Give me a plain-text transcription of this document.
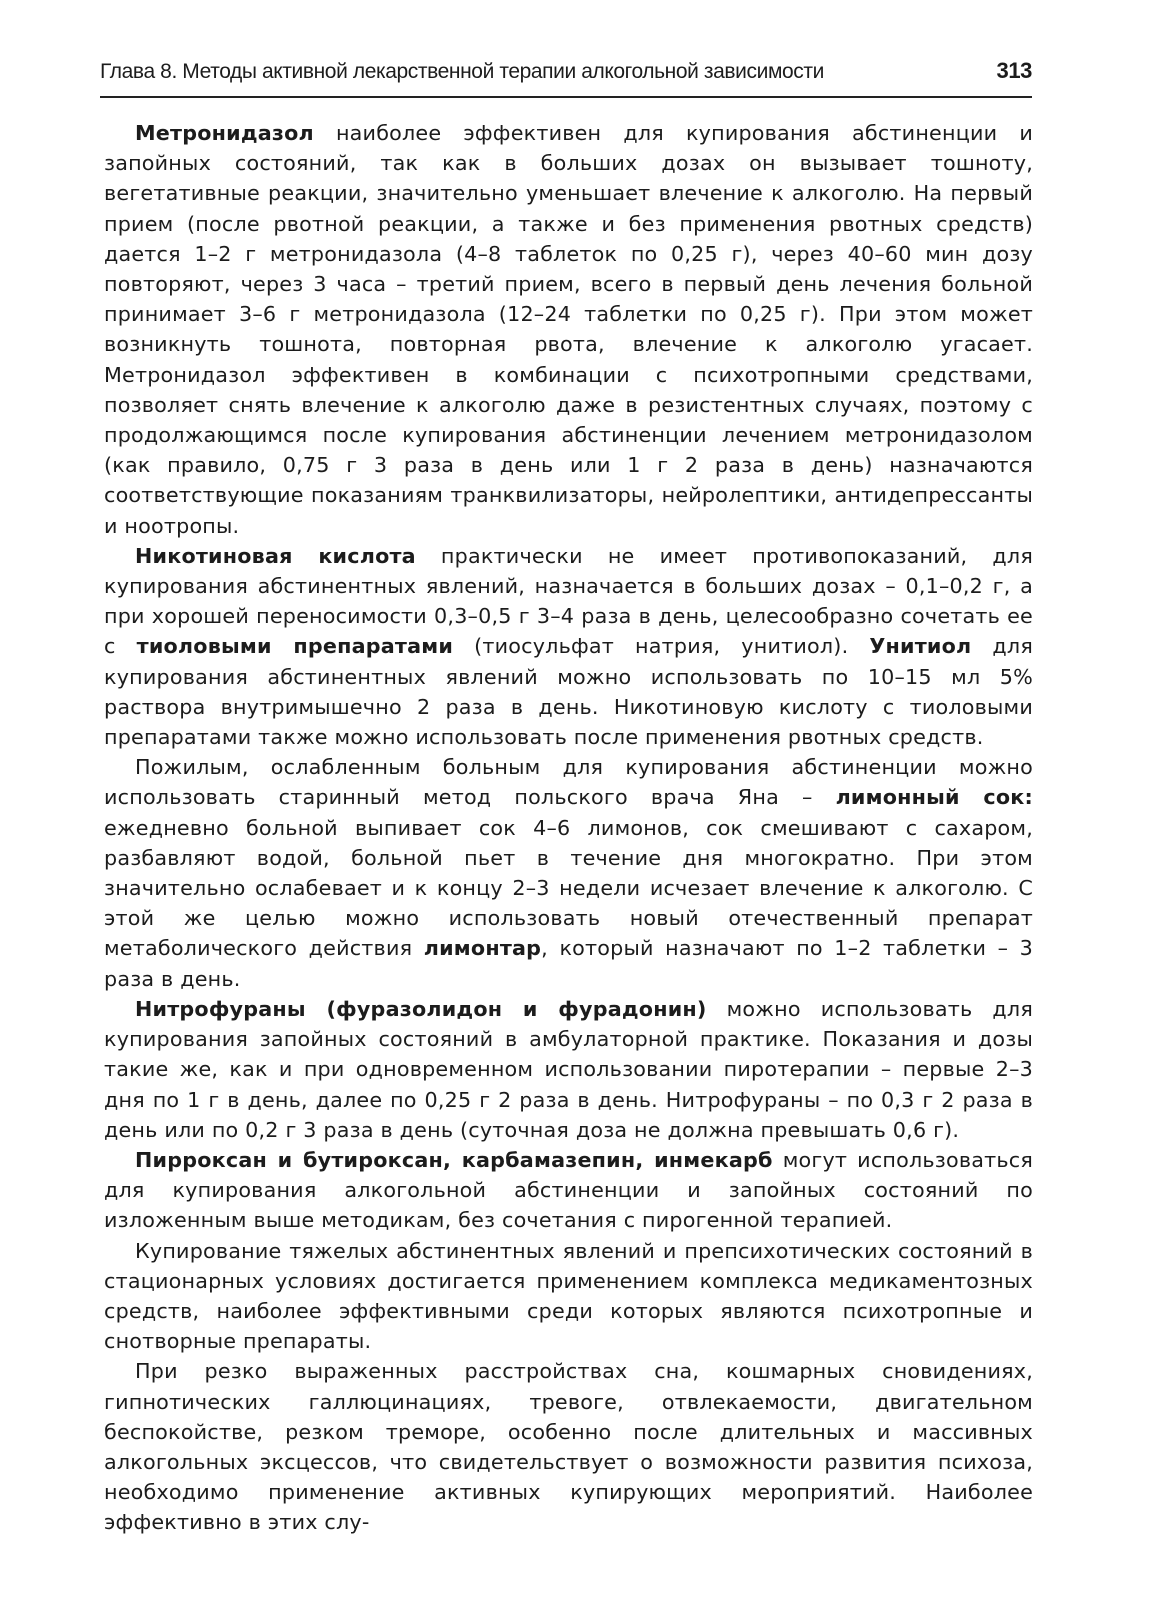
Глава 8. Методы активной лекарственной терапии алкогольной зависимости	313

Метронидазол наиболее эффективен для купирования абстиненции и запойных состояний, так как в больших дозах он вызывает тошноту, вегетативные реакции, значительно уменьшает влечение к алкоголю. На первый прием (после рвотной реакции, а также и без применения рвотных средств) дается 1–2 г метронидазола (4–8 таблеток по 0,25 г), через 40–60 мин дозу повторяют, через 3 часа – третий прием, всего в первый день лечения больной принимает 3–6 г метронидазола (12–24 таблетки по 0,25 г). При этом может возникнуть тошнота, повторная рвота, влечение к алкоголю угасает. Метронидазол эффективен в комбинации с психотропными средствами, позволяет снять влечение к алкоголю даже в резистентных случаях, поэтому с продолжающимся после купирования абстиненции лечением метронидазолом (как правило, 0,75 г 3 раза в день или 1 г 2 раза в день) назначаются соответствующие показаниям транквилизаторы, нейролептики, антидепрессанты и ноотропы.

Никотиновая кислота практически не имеет противопоказаний, для купирования абстинентных явлений, назначается в больших дозах – 0,1–0,2 г, а при хорошей переносимости 0,3–0,5 г 3–4 раза в день, целесообразно сочетать ее с тиоловыми препаратами (тиосульфат натрия, унитиол). Унитиол для купирования абстинентных явлений можно использовать по 10–15 мл 5% раствора внутримышечно 2 раза в день. Никотиновую кислоту с тиоловыми препаратами также можно использовать после применения рвотных средств.

Пожилым, ослабленным больным для купирования абстиненции можно использовать старинный метод польского врача Яна – лимонный сок: ежедневно больной выпивает сок 4–6 лимонов, сок смешивают с сахаром, разбавляют водой, больной пьет в течение дня многократно. При этом значительно ослабевает и к концу 2–3 недели исчезает влечение к алкоголю. С этой же целью можно использовать новый отечественный препарат метаболического действия лимонтар, который назначают по 1–2 таблетки – 3 раза в день.

Нитрофураны (фуразолидон и фурадонин) можно использовать для купирования запойных состояний в амбулаторной практике. Показания и дозы такие же, как и при одновременном использовании пиротерапии – первые 2–3 дня по 1 г в день, далее по 0,25 г 2 раза в день. Нитрофураны – по 0,3 г 2 раза в день или по 0,2 г 3 раза в день (суточная доза не должна превышать 0,6 г).

Пирроксан и бутироксан, карбамазепин, инмекарб могут использоваться для купирования алкогольной абстиненции и запойных состояний по изложенным выше методикам, без сочетания с пирогенной терапией.

Купирование тяжелых абстинентных явлений и препсихотических состояний в стационарных условиях достигается применением комплекса медикаментозных средств, наиболее эффективными среди которых являются психотропные и снотворные препараты.

При резко выраженных расстройствах сна, кошмарных сновидениях, гипнотических галлюцинациях, тревоге, отвлекаемости, двигательном беспокойстве, резком треморе, особенно после длительных и массивных алкогольных эксцессов, что свидетельствует о возможности развития психоза, необходимо применение активных купирующих мероприятий. Наиболее эффективно в этих слу-
